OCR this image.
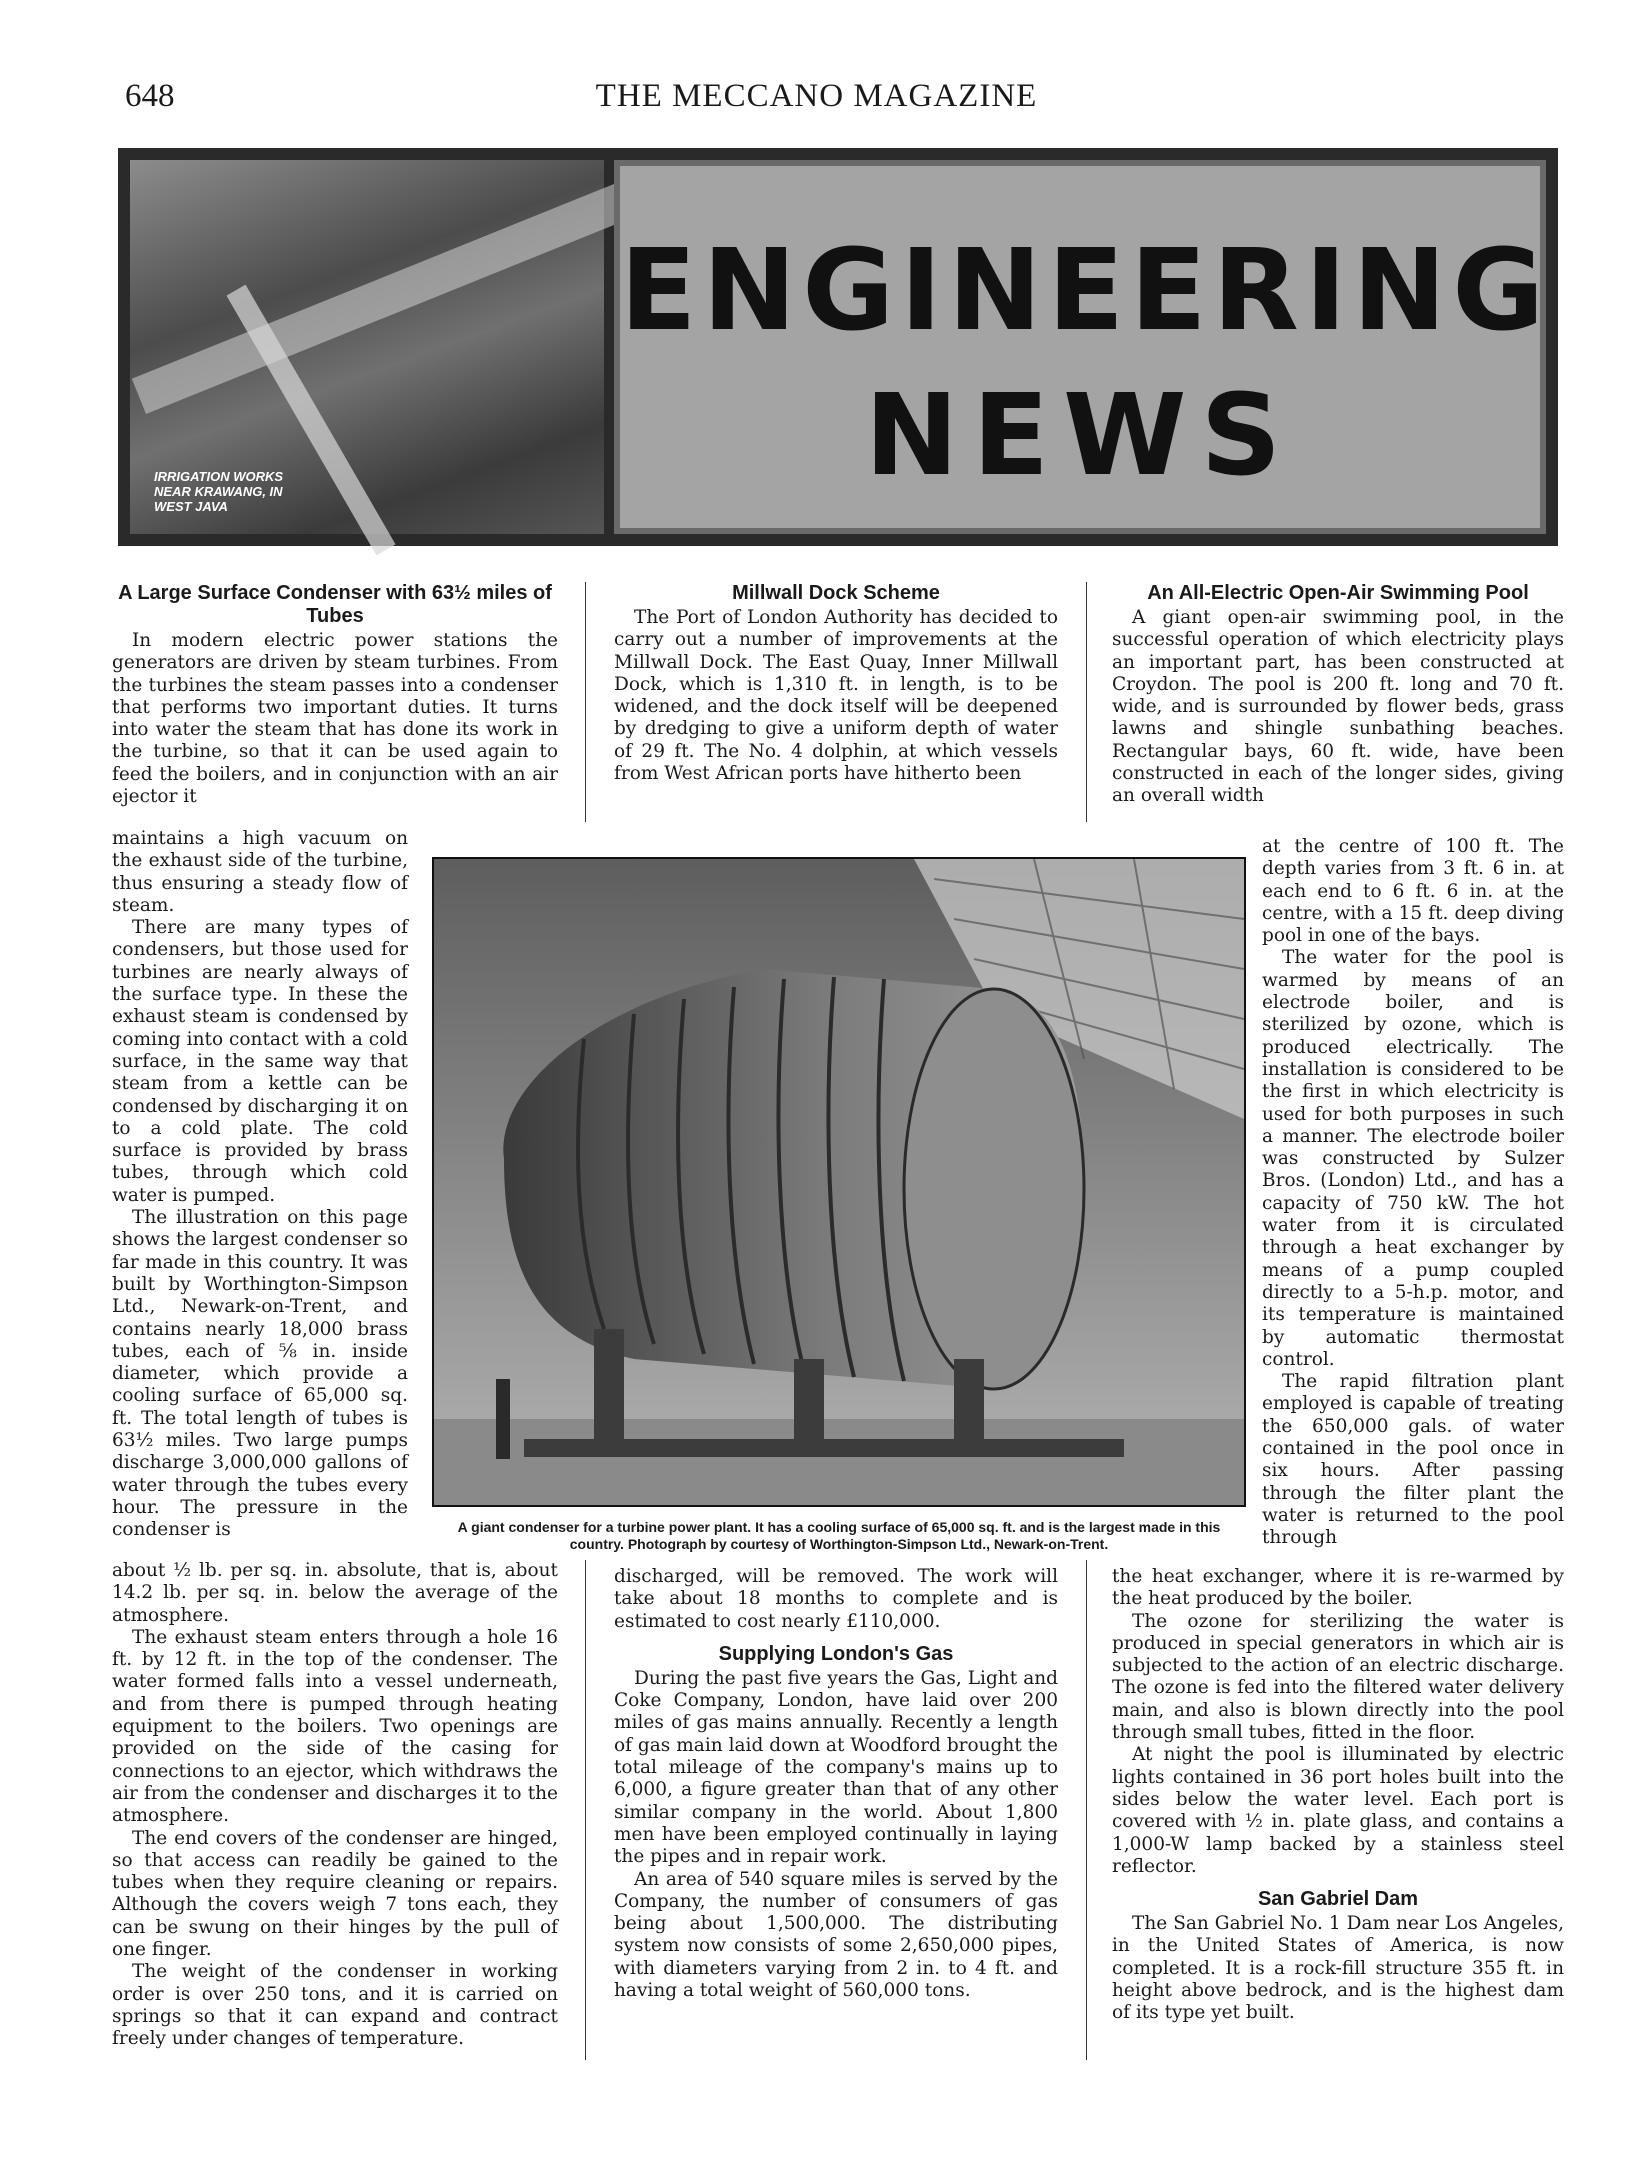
648	THE MECCANO MAGAZINE
IRRIGATION WORKS
NEAR KRAWANG, IN
WEST JAVA
ENGINEERING
NEWS
A Large Surface Condenser with 63½ miles of Tubes

In modern electric power stations the generators are driven by steam turbines. From the turbines the steam passes into a condenser that performs two important duties. It turns into water the steam that has done its work in the turbine, so that it can be used again to feed the boilers, and in conjunction with an air ejector it

maintains a high vacuum on the exhaust side of the turbine, thus ensuring a steady flow of steam.

There are many types of condensers, but those used for turbines are nearly always of the surface type. In these the exhaust steam is condensed by coming into contact with a cold surface, in the same way that steam from a kettle can be condensed by discharging it on to a cold plate. The cold surface is provided by brass tubes, through which cold water is pumped.

The illustration on this page shows the largest condenser so far made in this country. It was built by Worthington-Simpson Ltd., Newark-on-Trent, and contains nearly 18,000 brass tubes, each of ⅝ in. inside diameter, which provide a cooling surface of 65,000 sq. ft. The total length of tubes is 63½ miles. Two large pumps discharge 3,000,000 gallons of water through the tubes every hour. The pressure in the condenser is

about ½ lb. per sq. in. absolute, that is, about 14.2 lb. per sq. in. below the average of the atmosphere.

The exhaust steam enters through a hole 16 ft. by 12 ft. in the top of the condenser. The water formed falls into a vessel underneath, and from there is pumped through heating equipment to the boilers. Two openings are provided on the side of the casing for connections to an ejector, which withdraws the air from the condenser and discharges it to the atmosphere.

The end covers of the condenser are hinged, so that access can readily be gained to the tubes when they require cleaning or repairs. Although the covers weigh 7 tons each, they can be swung on their hinges by the pull of one finger.

The weight of the condenser in working order is over 250 tons, and it is carried on springs so that it can expand and contract freely under changes of temperature.

Millwall Dock Scheme

The Port of London Authority has decided to carry out a number of improvements at the Millwall Dock. The East Quay, Inner Millwall Dock, which is 1,310 ft. in length, is to be widened, and the dock itself will be deepened by dredging to give a uniform depth of water of 29 ft. The No. 4 dolphin, at which vessels from West African ports have hitherto been

discharged, will be removed. The work will take about 18 months to complete and is estimated to cost nearly £110,000.

Supplying London's Gas

During the past five years the Gas, Light and Coke Company, London, have laid over 200 miles of gas mains annually. Recently a length of gas main laid down at Woodford brought the total mileage of the company's mains up to 6,000, a figure greater than that of any other similar company in the world. About 1,800 men have been employed continually in laying the pipes and in repair work.

An area of 540 square miles is served by the Company, the number of consumers of gas being about 1,500,000. The distributing system now consists of some 2,650,000 pipes, with diameters varying from 2 in. to 4 ft. and having a total weight of 560,000 tons.

An All-Electric Open-Air Swimming Pool

A giant open-air swimming pool, in the successful operation of which electricity plays an important part, has been constructed at Croydon. The pool is 200 ft. long and 70 ft. wide, and is surrounded by flower beds, grass lawns and shingle sunbathing beaches. Rectangular bays, 60 ft. wide, have been constructed in each of the longer sides, giving an overall width

at the centre of 100 ft. The depth varies from 3 ft. 6 in. at each end to 6 ft. 6 in. at the centre, with a 15 ft. deep diving pool in one of the bays.

The water for the pool is warmed by means of an electrode boiler, and is sterilized by ozone, which is produced electrically. The installation is considered to be the first in which electricity is used for both purposes in such a manner. The electrode boiler was constructed by Sulzer Bros. (London) Ltd., and has a capacity of 750 kW. The hot water from it is circulated through a heat exchanger by means of a pump coupled directly to a 5-h.p. motor, and its temperature is maintained by automatic thermostat control.

The rapid filtration plant employed is capable of treating the 650,000 gals. of water contained in the pool once in six hours. After passing through the filter plant the water is returned to the pool through

the heat exchanger, where it is re-warmed by the heat produced by the boiler.

The ozone for sterilizing the water is produced in special generators in which air is subjected to the action of an electric discharge. The ozone is fed into the filtered water delivery main, and also is blown directly into the pool through small tubes, fitted in the floor.

At night the pool is illuminated by electric lights contained in 36 port holes built into the sides below the water level. Each port is covered with ½ in. plate glass, and contains a 1,000-W lamp backed by a stainless steel reflector.

San Gabriel Dam

The San Gabriel No. 1 Dam near Los Angeles, in the United States of America, is now completed. It is a rock-fill structure 355 ft. in height above bedrock, and is the highest dam of its type yet built.

A giant condenser for a turbine power plant. It has a cooling surface of 65,000 sq. ft. and is the largest made in this country. Photograph by courtesy of Worthington-Simpson Ltd., Newark-on-Trent.
